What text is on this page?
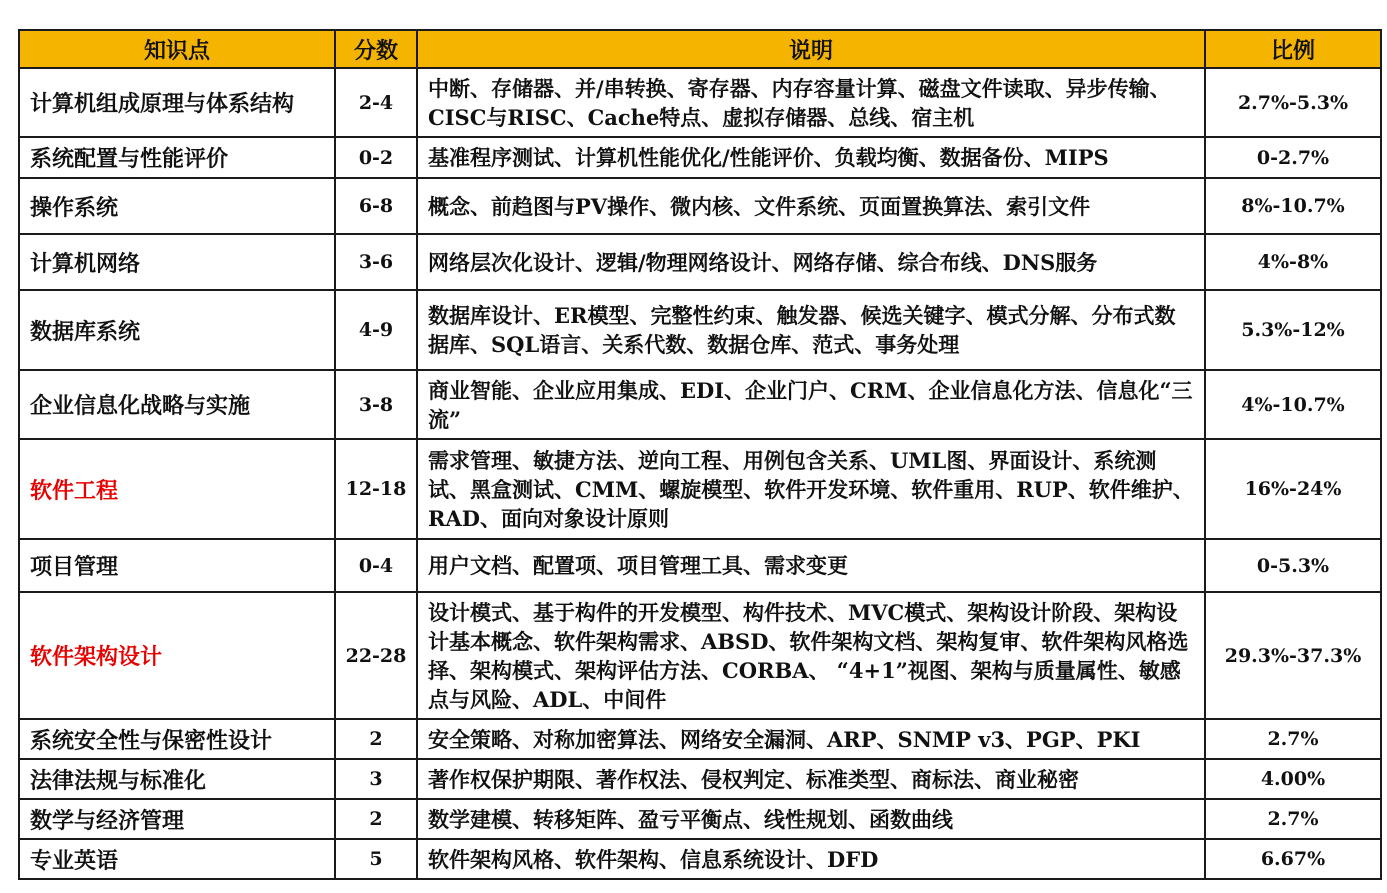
知识点	分数	说明	比例
计算机组成原理与体系结构	2-4	中断、存储器、并/串转换、寄存器、内存容量计算、磁盘文件读取、异步传输、CISC与RISC、Cache特点、虚拟存储器、总线、宿主机	2.7%-5.3%
系统配置与性能评价	0-2	基准程序测试、计算机性能优化/性能评价、负载均衡、数据备份、MIPS	0-2.7%
操作系统	6-8	概念、前趋图与PV操作、微内核、文件系统、页面置换算法、索引文件	8%-10.7%
计算机网络	3-6	网络层次化设计、逻辑/物理网络设计、网络存储、综合布线、DNS服务	4%-8%
数据库系统	4-9	数据库设计、ER模型、完整性约束、触发器、候选关键字、模式分解、分布式数据库、SQL语言、关系代数、数据仓库、范式、事务处理	5.3%-12%
企业信息化战略与实施	3-8	商业智能、企业应用集成、EDI、企业门户、CRM、企业信息化方法、信息化“三流”	4%-10.7%
软件工程	12-18	需求管理、敏捷方法、逆向工程、用例包含关系、UML图、界面设计、系统测试、黑盒测试、CMM、螺旋模型、软件开发环境、软件重用、RUP、软件维护、RAD、面向对象设计原则	16%-24%
项目管理	0-4	用户文档、配置项、项目管理工具、需求变更	0-5.3%
软件架构设计	22-28	设计模式、基于构件的开发模型、构件技术、MVC模式、架构设计阶段、架构设计基本概念、软件架构需求、ABSD、软件架构文档、架构复审、软件架构风格选择、架构模式、架构评估方法、CORBA、 “4+1”视图、架构与质量属性、敏感点与风险、ADL、中间件	29.3%-37.3%
系统安全性与保密性设计	2	安全策略、对称加密算法、网络安全漏洞、ARP、SNMP v3、PGP、PKI	2.7%
法律法规与标准化	3	著作权保护期限、著作权法、侵权判定、标准类型、商标法、商业秘密	4.00%
数学与经济管理	2	数学建模、转移矩阵、盈亏平衡点、线性规划、函数曲线	2.7%
专业英语	5	软件架构风格、软件架构、信息系统设计、DFD	6.67%
